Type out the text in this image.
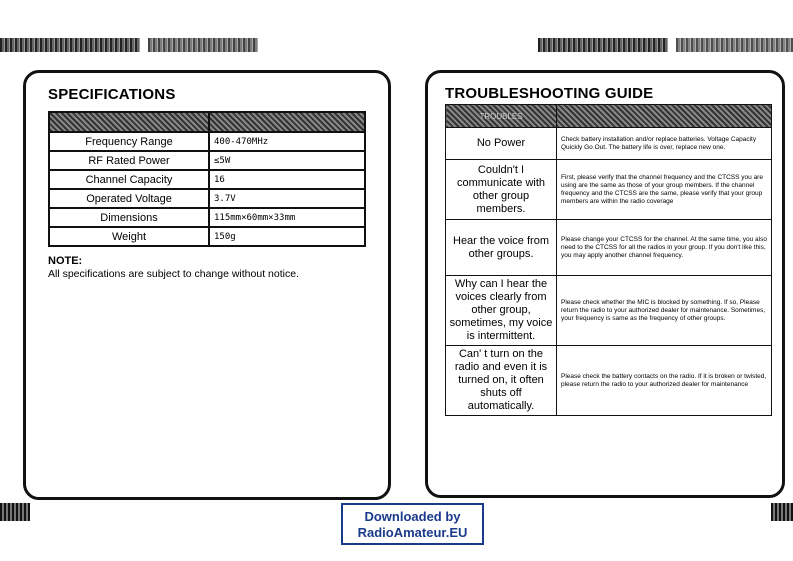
SPECIFICATIONS

Frequency Range	400-470MHz
RF Rated Power	≤5W
Channel Capacity	16
Operated Voltage	3.7V
Dimensions	115mm×60mm×33mm
Weight	150g
NOTE:
All specifications are subject to change without notice.
TROUBLESHOOTING GUIDE
TROUBLES	
No Power	Check battery installation and/or replace batteries. Voltage Capacity Quickly Go Out. The battery life is over, replace new one.
Couldn't I communicate with other group members.	First, please verify that the channel frequency and the CTCSS you are using are the same as those of your group members. If the channel frequency and the CTCSS are the same, please verify that your group members are within the radio coverage
Hear the voice from other groups.	Please change your CTCSS for the channel. At the same time, you also need to the CTCSS for all the radios in your group. If you don't like this, you may apply another channel frequency.
Why can I hear the voices clearly from other group, sometimes, my voice is intermittent.	Please check whether the MIC is blocked by something. If so, Please return the radio to your authorized dealer for maintenance. Sometimes, your frequency is same as the frequency of other groups.
Can' t turn on the radio and even it is turned on, it often shuts off automatically.	Please check the battery contacts on the radio. If it is broken or twisted, please return the radio to your authorized dealer for maintenance
Downloaded by
RadioAmateur.EU
